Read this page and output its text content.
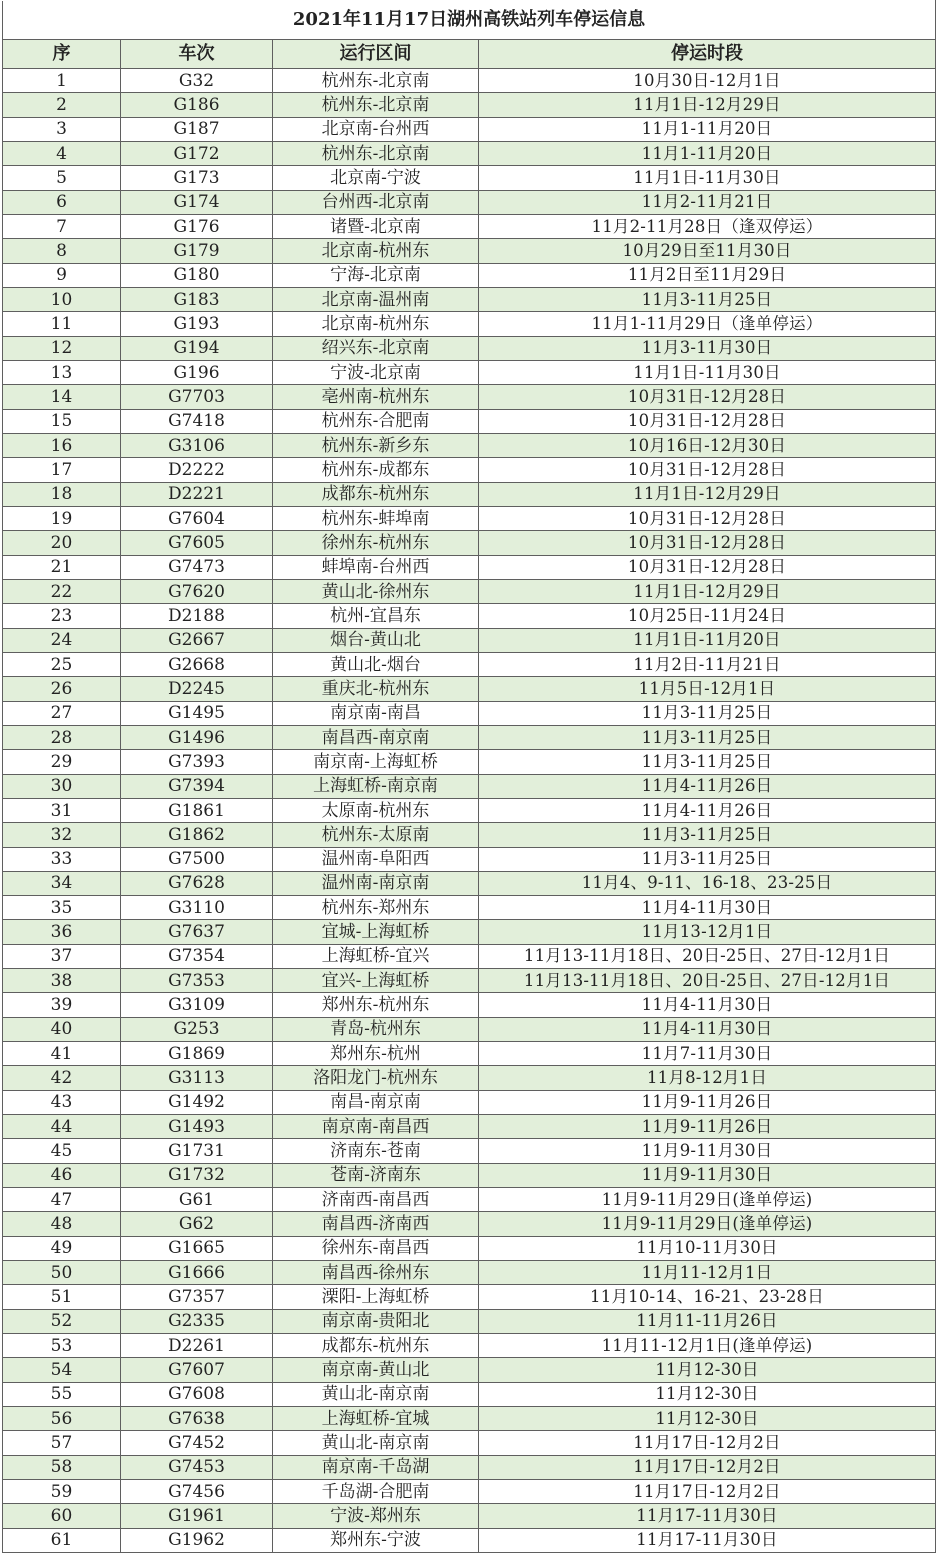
2021年11月17日湖州高铁站列车停运信息			
序	车次	运行区间	停运时段
1	G32	杭州东-北京南	10月30日-12月1日
2	G186	杭州东-北京南	11月1日-12月29日
3	G187	北京南-台州西	11月1-11月20日
4	G172	杭州东-北京南	11月1-11月20日
5	G173	北京南-宁波	11月1日-11月30日
6	G174	台州西-北京南	11月2-11月21日
7	G176	诸暨-北京南	11月2-11月28日（逢双停运）
8	G179	北京南-杭州东	10月29日至11月30日
9	G180	宁海-北京南	11月2日至11月29日
10	G183	北京南-温州南	11月3-11月25日
11	G193	北京南-杭州东	11月1-11月29日（逢单停运）
12	G194	绍兴东-北京南	11月3-11月30日
13	G196	宁波-北京南	11月1日-11月30日
14	G7703	亳州南-杭州东	10月31日-12月28日
15	G7418	杭州东-合肥南	10月31日-12月28日
16	G3106	杭州东-新乡东	10月16日-12月30日
17	D2222	杭州东-成都东	10月31日-12月28日
18	D2221	成都东-杭州东	11月1日-12月29日
19	G7604	杭州东-蚌埠南	10月31日-12月28日
20	G7605	徐州东-杭州东	10月31日-12月28日
21	G7473	蚌埠南-台州西	10月31日-12月28日
22	G7620	黄山北-徐州东	11月1日-12月29日
23	D2188	杭州-宜昌东	10月25日-11月24日
24	G2667	烟台-黄山北	11月1日-11月20日
25	G2668	黄山北-烟台	11月2日-11月21日
26	D2245	重庆北-杭州东	11月5日-12月1日
27	G1495	南京南-南昌	11月3-11月25日
28	G1496	南昌西-南京南	11月3-11月25日
29	G7393	南京南-上海虹桥	11月3-11月25日
30	G7394	上海虹桥-南京南	11月4-11月26日
31	G1861	太原南-杭州东	11月4-11月26日
32	G1862	杭州东-太原南	11月3-11月25日
33	G7500	温州南-阜阳西	11月3-11月25日
34	G7628	温州南-南京南	11月4、9-11、16-18、23-25日
35	G3110	杭州东-郑州东	11月4-11月30日
36	G7637	宜城-上海虹桥	11月13-12月1日
37	G7354	上海虹桥-宜兴	11月13-11月18日、20日-25日、27日-12月1日
38	G7353	宜兴-上海虹桥	11月13-11月18日、20日-25日、27日-12月1日
39	G3109	郑州东-杭州东	11月4-11月30日
40	G253	青岛-杭州东	11月4-11月30日
41	G1869	郑州东-杭州	11月7-11月30日
42	G3113	洛阳龙门-杭州东	11月8-12月1日
43	G1492	南昌-南京南	11月9-11月26日
44	G1493	南京南-南昌西	11月9-11月26日
45	G1731	济南东-苍南	11月9-11月30日
46	G1732	苍南-济南东	11月9-11月30日
47	G61	济南西-南昌西	11月9-11月29日(逢单停运)
48	G62	南昌西-济南西	11月9-11月29日(逢单停运)
49	G1665	徐州东-南昌西	11月10-11月30日
50	G1666	南昌西-徐州东	11月11-12月1日
51	G7357	溧阳-上海虹桥	11月10-14、16-21、23-28日
52	G2335	南京南-贵阳北	11月11-11月26日
53	D2261	成都东-杭州东	11月11-12月1日(逢单停运)
54	G7607	南京南-黄山北	11月12-30日
55	G7608	黄山北-南京南	11月12-30日
56	G7638	上海虹桥-宜城	11月12-30日
57	G7452	黄山北-南京南	11月17日-12月2日
58	G7453	南京南-千岛湖	11月17日-12月2日
59	G7456	千岛湖-合肥南	11月17日-12月2日
60	G1961	宁波-郑州东	11月17-11月30日
61	G1962	郑州东-宁波	11月17-11月30日
